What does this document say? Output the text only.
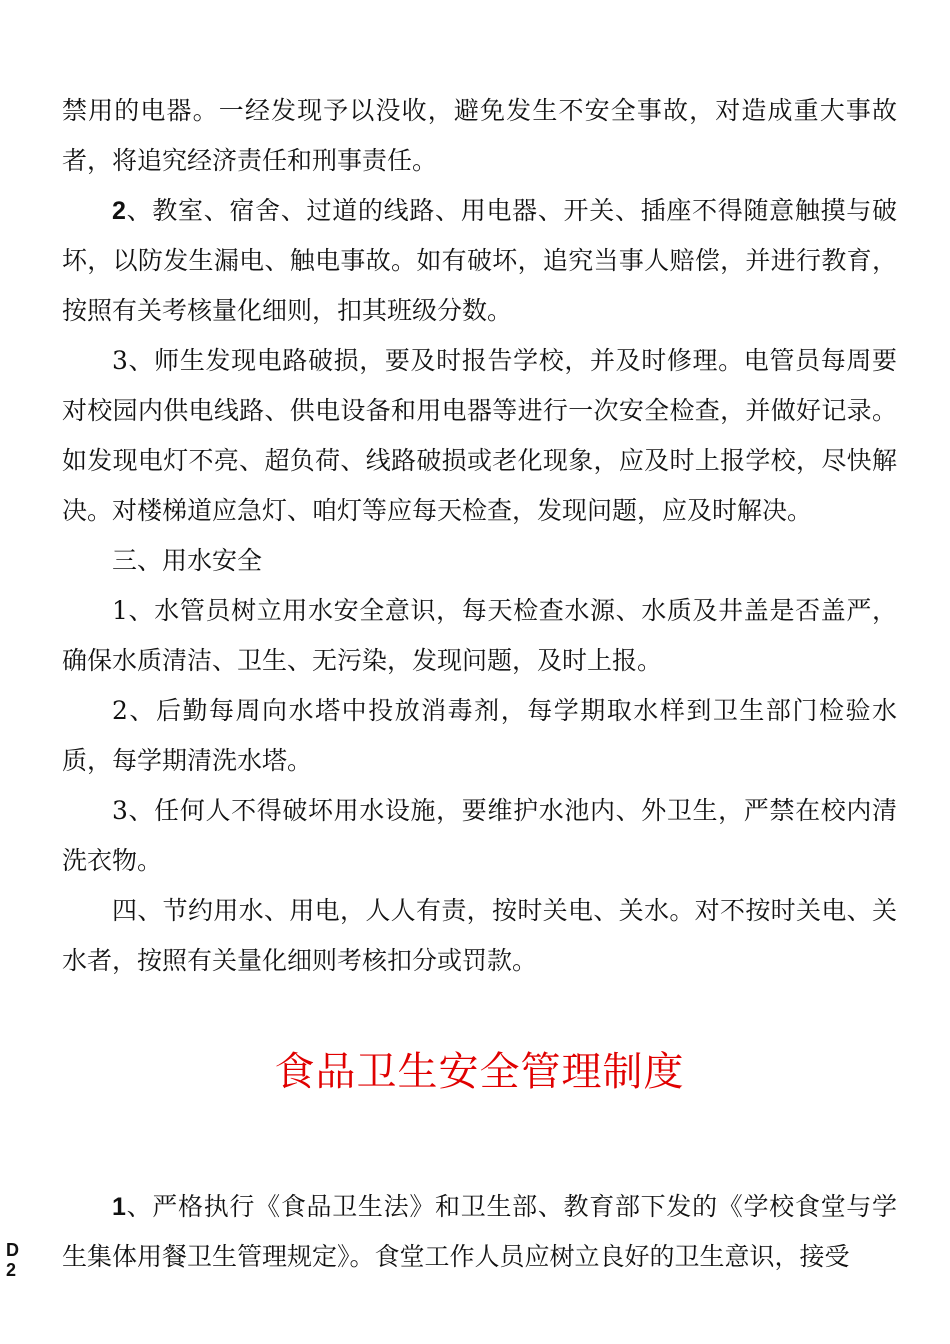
禁用的电器。一经发现予以没收，避免发生不安全事故，对造成重大事故者，将追究经济责任和刑事责任。

2、教室、宿舍、过道的线路、用电器、开关、插座不得随意触摸与破坏，以防发生漏电、触电事故。如有破坏，追究当事人赔偿，并进行教育，按照有关考核量化细则，扣其班级分数。

3、师生发现电路破损，要及时报告学校，并及时修理。电管员每周要对校园内供电线路、供电设备和用电器等进行一次安全检查，并做好记录。如发现电灯不亮、超负荷、线路破损或老化现象，应及时上报学校，尽快解决。对楼梯道应急灯、咱灯等应每天检查，发现问题，应及时解决。

三、用水安全

1、水管员树立用水安全意识，每天检查水源、水质及井盖是否盖严，确保水质清洁、卫生、无污染，发现问题，及时上报。

2、后勤每周向水塔中投放消毒剂，每学期取水样到卫生部门检验水质，每学期清洗水塔。

3、任何人不得破坏用水设施，要维护水池内、外卫生，严禁在校内清洗衣物。

四、节约用水、用电，人人有责，按时关电、关水。对不按时关电、关水者，按照有关量化细则考核扣分或罚款。

食品卫生安全管理制度

1、严格执行《食品卫生法》和卫生部、教育部下发的《学校食堂与学生集体用餐卫生管理规定》。食堂工作人员应树立良好的卫生意识，接受

D
2
